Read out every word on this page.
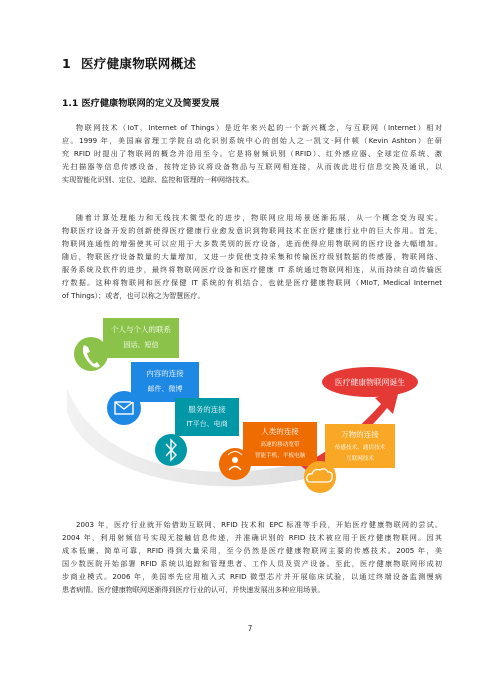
1 医疗健康物联网概述
1.1 医疗健康物联网的定义及简要发展
物联网技术（IoT，Internet of Things）是近年来兴起的一个新兴概念，与互联网（Internet）相对
应。1999 年，美国麻省理工学院自动化识别系统中心的创始人之一凯文·阿什顿（Kevin Ashton）在研
究 RFID 时提出了物联网的概念并沿用至今。它是将射频识别（RFID）、红外感应器、全球定位系统、激
光扫描器等信息传感设备，按特定协议将设备物品与互联网相连接，从而彼此进行信息交换及通讯，以
实现智能化识别、定位、追踪、监控和管理的一种网络技术。
随着计算处理能力和无线技术微型化的进步，物联网应用场景逐渐拓展，从一个概念变为现实。
物联医疗设备开发的创新使得医疗健康行业愈发意识到物联网技术在医疗健康行业中的巨大作用。首先，
物联网连通性的增强使其可以应用于大多数类别的医疗设备，进而使得应用物联网的医疗设备大幅增加。
随后，物联医疗设备数量的大量增加，又进一步促使支持采集和传输医疗级别数据的传感器，物联网络、
服务系统及软件的进步，最终将物联网医疗设备和医疗健康 IT 系统通过物联网相连，从而持续自动传输医
疗数据。这种将物联网和医疗保健 IT 系统的有机结合，也就是医疗健康物联网（MIoT, Medical Internet
of Things）；或者，也可以称之为智慧医疗。
个人与个人的联系
固话、短信
内容的连接
邮件、微博
服务的连接
IT平台、电商
人类的连接
高速的移动宽带
智能手机、平板电脑
万物的连接
传感技术、通信技术
互联网技术
医疗健康物联网诞生
2003 年，医疗行业就开始借助互联网、RFID 技术和 EPC 标准等手段，开始医疗健康物联网的尝试。
2004 年，利用射频信号实现无接触信息传递，并准确识别的 RFID 技术被应用于医疗健康物联网。因其
成本低廉、简单可靠，RFID 得到大量采用，至今仍然是医疗健康物联网主要的传感技术。2005 年，美
国少数医院开始部署 RFID 系统以追踪和管理患者、工作人员及资产设备。至此，医疗健康物联网形成初
步商业模式。2006 年，美国率先应用植入式 RFID 微型芯片并开展临床试验，以通过终端设备监测慢病
患者病情。医疗健康物联网逐渐得到医疗行业的认可，并快速发展出多种应用场景。
7
